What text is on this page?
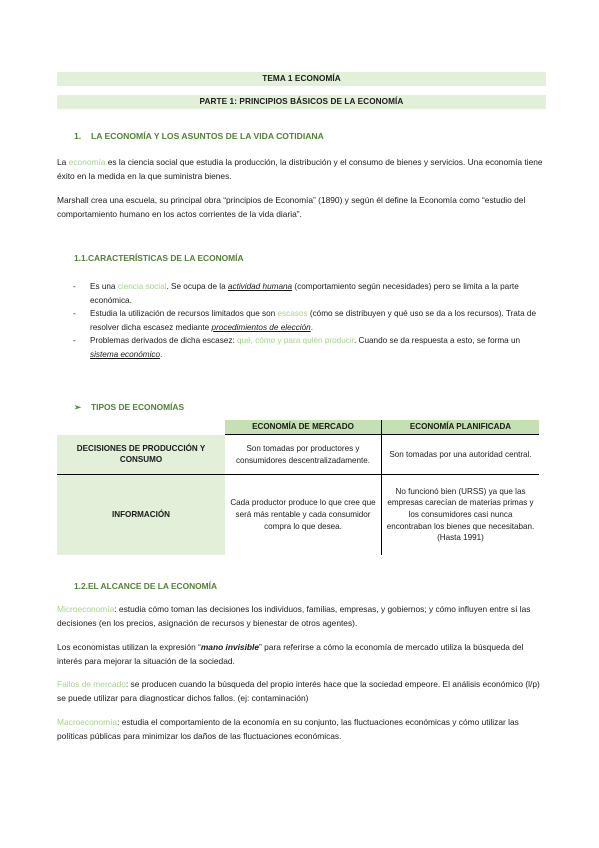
TEMA 1 ECONOMÍA
PARTE 1: PRINCIPIOS BÁSICOS DE LA ECONOMÍA
1. LA ECONOMÍA Y LOS ASUNTOS DE LA VIDA COTIDIANA
La economía es la ciencia social que estudia la producción, la distribución y el consumo de bienes y servicios. Una economía tiene éxito en la medida en la que suministra bienes.
Marshall crea una escuela, su principal obra “principios de Economía” (1890) y según él define la Economía como “estudio del comportamiento humano en los actos corrientes de la vida diaria”.
1.1.CARACTERÍSTICAS DE LA ECONOMÍA
- Es una ciencia social. Se ocupa de la actividad humana (comportamiento según necesidades) pero se limita a la parte económica.
- Estudia la utilización de recursos limitados que son escasos (cómo se distribuyen y qué uso se da a los recursos). Trata de resolver dicha escasez mediante procedimientos de elección.
- Problemas derivados de dicha escasez: qué, cómo y para quién producir. Cuando se da respuesta a esto, se forma un sistema económico.
➢ TIPOS DE ECONOMÍAS
	ECONOMÍA DE MERCADO	ECONOMÍA PLANIFICADA
DECISIONES DE PRODUCCIÓN Y CONSUMO	Son tomadas por productores y consumidores descentralizadamente.	Son tomadas por una autoridad central.
INFORMACIÓN	Cada productor produce lo que cree que será más rentable y cada consumidor compra lo que desea.	No funcionó bien (URSS) ya que las empresas carecían de materias primas y los consumidores casi nunca encontraban los bienes que necesitaban. (Hasta 1991)
1.2.EL ALCANCE DE LA ECONOMÍA
Microeconomía: estudia cómo toman las decisiones los individuos, familias, empresas, y gobiernos; y cómo influyen entre sí las decisiones (en los precios, asignación de recursos y bienestar de otros agentes).
Los economistas utilizan la expresión “mano invisible” para referirse a cómo la economía de mercado utiliza la búsqueda del interés para mejorar la situación de la sociedad.
Fallos de mercado: se producen cuando la búsqueda del propio interés hace que la sociedad empeore. El análisis económico (l/p) se puede utilizar para diagnosticar dichos fallos. (ej: contaminación)
Macroeconomía: estudia el comportamiento de la economía en su conjunto, las fluctuaciones económicas y cómo utilizar las políticas públicas para minimizar los daños de las fluctuaciones económicas.
